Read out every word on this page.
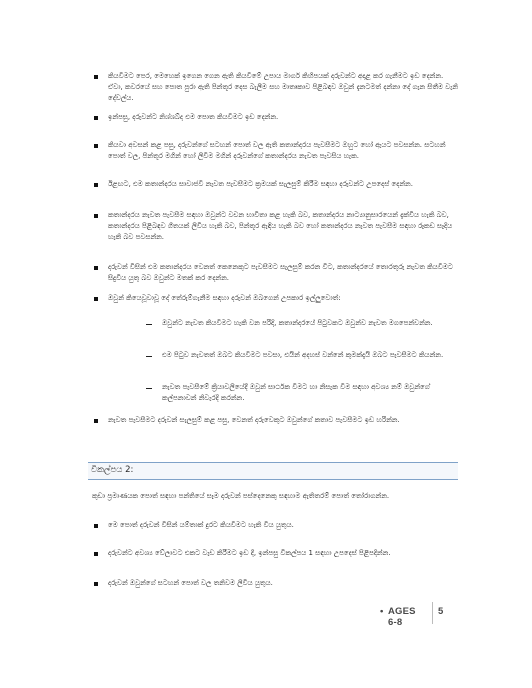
කියවීමට පෙර, මෙහෙක් ඉගෙන ගෙන ඇති කියවීමේ උපාය මාර්ග කිහිපයක් දරුවන්ට අදාළ කර ගැනීමට ඉඩ දෙන්න. ඒවා, කවරයේ සහ පොත පුරා ඇති පින්තූර දෙස බැලීම සහ මාතෘකාව පිළිබඳව ඔවුන් දැනටමත් දන්නා දේ ගැන සිතීම වැනි දේවල්ය.
ඉන්පසු, දරුවන්ට නිශ්ශබ්ද එම පොත කියවීමට ඉඩ දෙන්න.
කියවා අවසන් කළ පසු, දරුවන්ගේ සටහන් පොත් වල ඇති කතාන්දරය පැවසීමට ඔහුට හෝ ඇයට පවසන්න. සටහන් පොත් වල, පින්තූර මගින් හෝ ලිවීම මගින් දරුවන්ගේ කතාන්දරය නැවත පැවසිය හැක.
ඊළඟට, එම කතාන්දරය සාවාජවී නැවත පැවසීමට ක්‍රමයක් සැලසුම් කිරීම සඳහා දරුවන්ට උපදෙස් දෙන්න.
කතාන්දරය නැවත පැවසීම සඳහා ඔවුන්ට වචන භාවිතා කළ හැකි බව, කතාන්දරය නාට්‍යානුසාරයෙන් දැක්විය හැකි බව, කතාන්දරය පිළිබඳව ගීතයක් ලිවිය හැකි බව, පින්තූර ඇඳිය හැකි බව හෝ කතාන්දරය නැවත පැවසීම සඳහා රූකඩ සෑදිය හැකි බව පවසන්න.
දරුවන් විසින් එම කතාන්දරය වෙනත් කෙනෙකුට පැවසීමට සැලසුම් කරන විට, කතාන්දරයේ තොරතුරු නැවත කියවීමට සිදුවිය යුතු බව ඔවුන්ට මතක් කර දෙන්න.
ඔවුන් කියෙවූවාවූ දේ තේරුම්ගැනීම සඳහා දරුවන් ඔබගෙන් උපකාර ඉල්ලුවොත්:
ඔවුන්ට නැවත කියවීමට හැකි වන පරිදි, කතාන්දරයේ පිටුවකට ඔවුන්ව නැවත මගපෙන්වන්න.
එම පිටුව නැවතත් ඔබට කියවීමට පවසා, එයින් අදහස් වන්නේ කුමක්දැයි ඔබට පැවසීමට කියන්න.
නැවත පැවසීමේ ක්‍රියාවලියේදී ඔවුන් සාර්ථක වීමට හා නිසැක වීම සඳහා අවශ්‍ය නම් ඔවුන්ගේ කල්පනාවන් නිවැරදි කරන්න.
නැවත පැවසීමට දරුවන් සැලසුම් කළ පසු, වෙනත් දරුවෙකුට ඔවුන්ගේ කතාව පැවසීමට ඉඩ හරින්න.
විකල්පය 2:
කුඩා ප්‍රමාණයක පොත් සඳහා පන්තියේ සෑම දරුවන් පස්දෙනෙකු සඳහාම ඇතිතරම් පොත් තෝරාගන්න.
මෙ පොත් දරුවන් විසින් යම්තාක් දුරට කියවීමට හැකි විය යුතුය.
දරුවන්ට අවශ්‍ය වේලාවට එකට වැඩ කිරීමට ඉඩ දී, ඉන්පසු විකල්පය 1 සඳහා උපදෙස් පිළිපදින්න.
දරුවන් ඔවුන්ගේ සටහන් පොත් වල තනිවම ලිවිය යුතුය.
• AGES 6-8
5
